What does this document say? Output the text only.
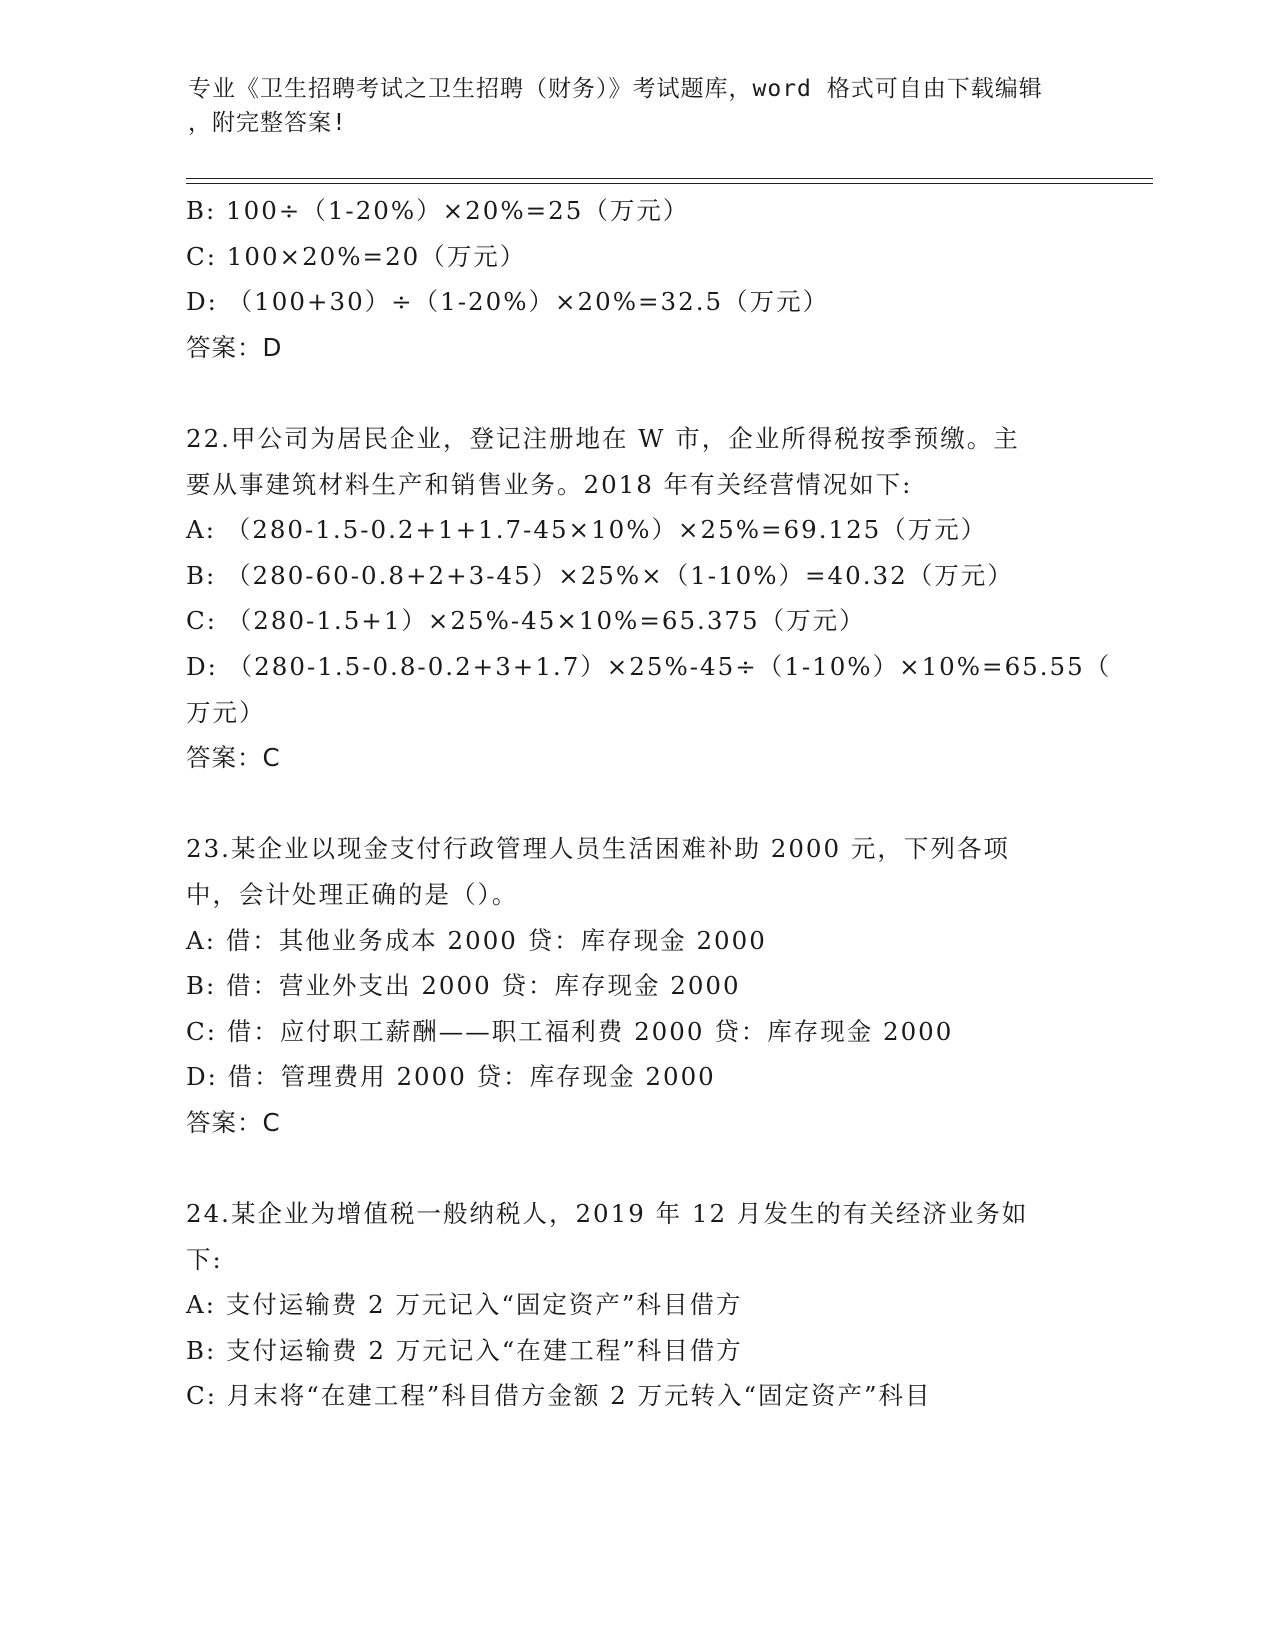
专业《卫生招聘考试之卫生招聘（财务）》考试题库，word 格式可自由下载编辑
，附完整答案!
B: 100÷（1-20%）×20%=25（万元）
C: 100×20%=20（万元）
D: （100+30）÷（1-20%）×20%=32.5（万元）
答案：D
22.甲公司为居民企业，登记注册地在 W 市，企业所得税按季预缴。主
要从事建筑材料生产和销售业务。2018 年有关经营情况如下:
A: （280-1.5-0.2+1+1.7-45×10%）×25%=69.125（万元）
B: （280-60-0.8+2+3-45）×25%×（1-10%）=40.32（万元）
C: （280-1.5+1）×25%-45×10%=65.375（万元）
D: （280-1.5-0.8-0.2+3+1.7）×25%-45÷（1-10%）×10%=65.55（
万元）
答案：C
23.某企业以现金支付行政管理人员生活困难补助 2000 元，下列各项
中，会计处理正确的是（）。
A: 借：其他业务成本 2000 贷：库存现金 2000
B: 借：营业外支出 2000 贷：库存现金 2000
C: 借：应付职工薪酬——职工福利费 2000 贷：库存现金 2000
D: 借：管理费用 2000 贷：库存现金 2000
答案：C
24.某企业为增值税一般纳税人，2019 年 12 月发生的有关经济业务如
下:
A: 支付运输费 2 万元记入“固定资产”科目借方
B: 支付运输费 2 万元记入“在建工程”科目借方
C: 月末将“在建工程”科目借方金额 2 万元转入“固定资产”科目
